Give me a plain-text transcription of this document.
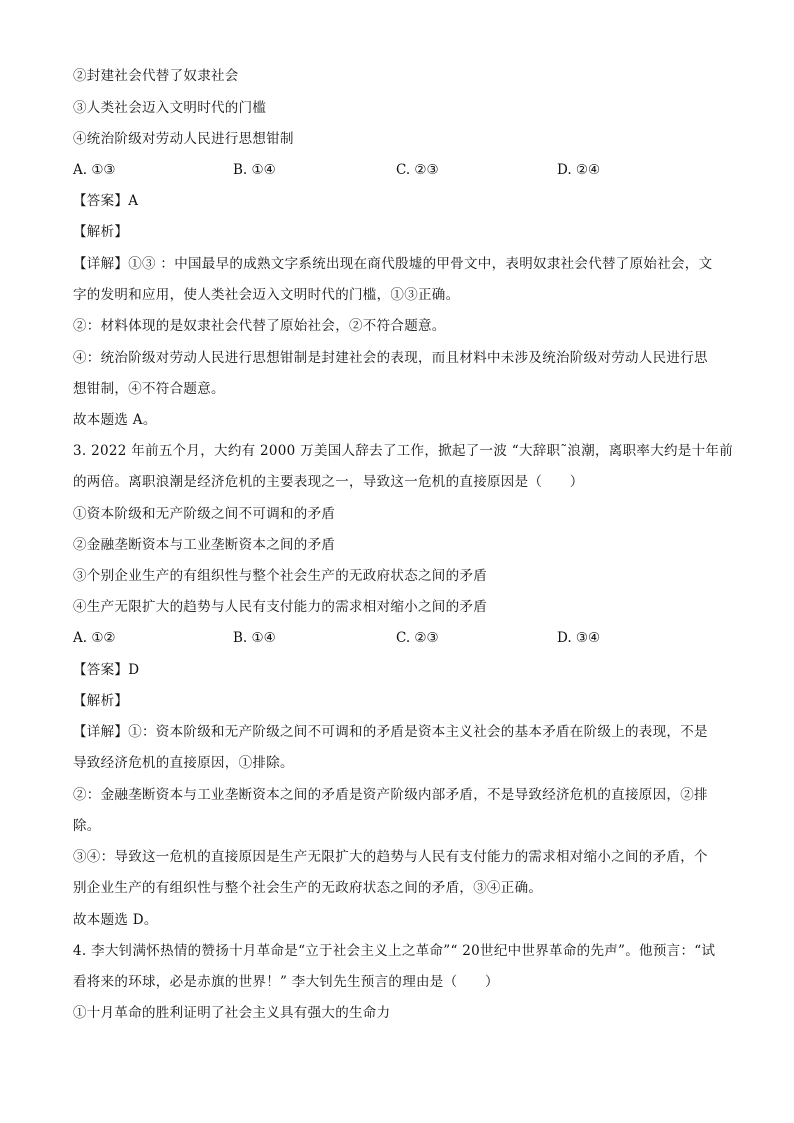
②封建社会代替了奴隶社会
③人类社会迈入文明时代的门槛
④统治阶级对劳动人民进行思想钳制
A. ①③	B. ①④	C. ②③	D. ②④
【答案】A
【解析】
【详解】①③ ：中国最早的成熟文字系统出现在商代殷墟的甲骨文中，表明奴隶社会代替了原始社会，文
字的发明和应用，使人类社会迈入文明时代的门槛，①③正确。
②：材料体现的是奴隶社会代替了原始社会，②不符合题意。
④：统治阶级对劳动人民进行思想钳制是封建社会的表现，而且材料中未涉及统治阶级对劳动人民进行思
想钳制，④不符合题意。
故本题选 A。
3. 2022 年前五个月，大约有 2000 万美国人辞去了工作，掀起了一波 “大辞职˜浪潮，离职率大约是十年前
的两倍。离职浪潮是经济危机的主要表现之一，导致这一危机的直接原因是（　　）
①资本阶级和无产阶级之间不可调和的矛盾
②金融垄断资本与工业垄断资本之间的矛盾
③个别企业生产的有组织性与整个社会生产的无政府状态之间的矛盾
④生产无限扩大的趋势与人民有支付能力的需求相对缩小之间的矛盾
A. ①②	B. ①④	C. ②③	D. ③④
【答案】D
【解析】
【详解】①：资本阶级和无产阶级之间不可调和的矛盾是资本主义社会的基本矛盾在阶级上的表现，不是
导致经济危机的直接原因，①排除。
②：金融垄断资本与工业垄断资本之间的矛盾是资产阶级内部矛盾，不是导致经济危机的直接原因，②排
除。
③④：导致这一危机的直接原因是生产无限扩大的趋势与人民有支付能力的需求相对缩小之间的矛盾，个
别企业生产的有组织性与整个社会生产的无政府状态之间的矛盾，③④正确。
故本题选 D。
4. 李大钊满怀热情的赞扬十月革命是“立于社会主义上之革命”“ 20世纪中世界革命的先声”。他预言：“试
看将来的环球，必是赤旗的世界！” 李大钊先生预言的理由是（　　）
①十月革命的胜利证明了社会主义具有强大的生命力
